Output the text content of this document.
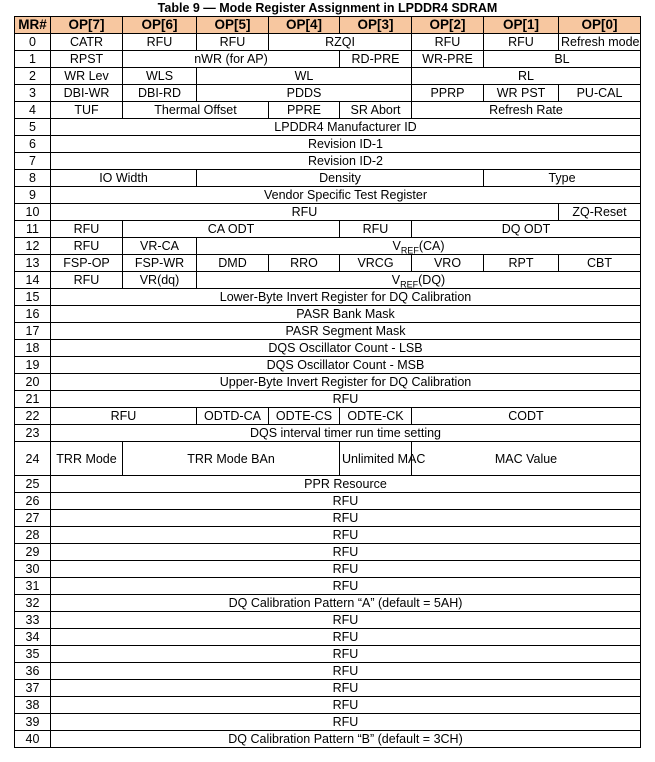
Table 9 — Mode Register Assignment in LPDDR4 SDRAM
MR#	OP[7]	OP[6]	OP[5]	OP[4]	OP[3]	OP[2]	OP[1]	OP[0]
0	CATR	RFU	RFU	RZQI		RFU	RFU	Refresh mode
1	RPST	nWR (for AP)			RD-PRE	WR-PRE	BL	
2	WR Lev	WLS	WL			RL		
3	DBI-WR	DBI-RD	PDDS			PPRP	WR PST	PU-CAL
4	TUF	Thermal Offset		PPRE	SR Abort	Refresh Rate		
5	LPDDR4 Manufacturer ID							
6	Revision ID-1							
7	Revision ID-2							
8	IO Width		Density				Type	
9	Vendor Specific Test Register							
10	RFU							ZQ-Reset
11	RFU	CA ODT			RFU	DQ ODT		
12	RFU	VR-CA	$V_{REF}(CA)$					
13	FSP-OP	FSP-WR	DMD	RRO	VRCG	VRO	RPT	CBT
14	RFU	VR(dq)	$V_{REF}(DQ)$					
15	Lower-Byte Invert Register for DQ Calibration							
16	PASR Bank Mask							
17	PASR Segment Mask							
18	DQS Oscillator Count - LSB							
19	DQS Oscillator Count - MSB							
20	Upper-Byte Invert Register for DQ Calibration							
21	RFU							
22	RFU		ODTD-CA	ODTE-CS	ODTE-CK	CODT		
23	DQS interval timer run time setting							
24	TRR Mode	TRR Mode BAn			Unlimited MAC	MAC Value		
25	PPR Resource							
26	RFU							
27	RFU							
28	RFU							
29	RFU							
30	RFU							
31	RFU							
32	DQ Calibration Pattern “A” (default = 5AH)							
33	RFU							
34	RFU							
35	RFU							
36	RFU							
37	RFU							
38	RFU							
39	RFU							
40	DQ Calibration Pattern “B” (default = 3CH)							
